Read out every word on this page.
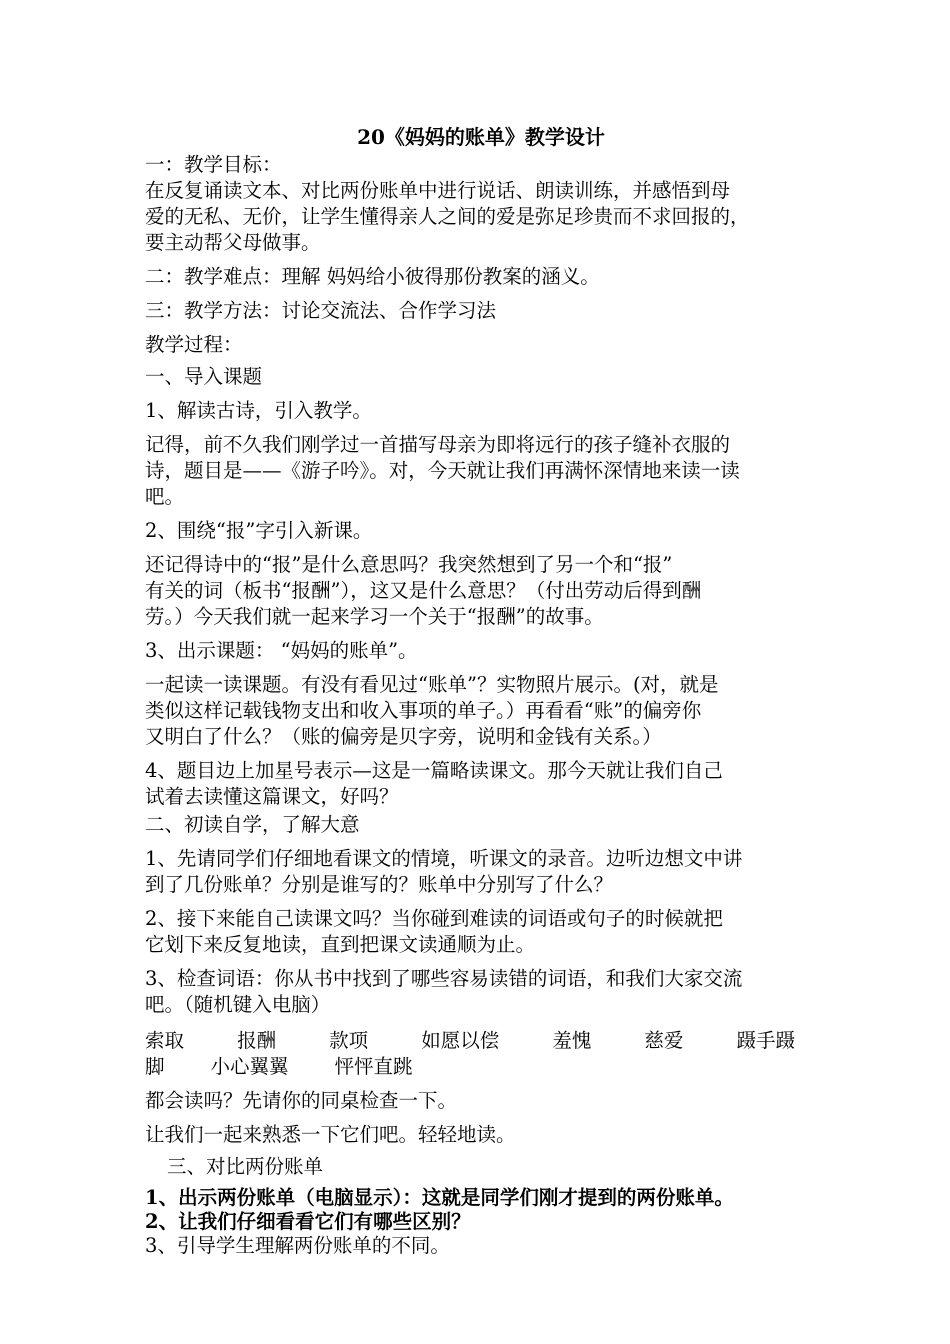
20《妈妈的账单》教学设计
一：教学目标：
在反复诵读文本、对比两份账单中进行说话、朗读训练，并感悟到母
爱的无私、无价，让学生懂得亲人之间的爱是弥足珍贵而不求回报的，
要主动帮父母做事。
二：教学难点：理解 妈妈给小彼得那份教案的涵义。
三：教学方法：讨论交流法、合作学习法
教学过程：
一、导入课题
1、解读古诗，引入教学。
记得，前不久我们刚学过一首描写母亲为即将远行的孩子缝补衣服的
诗，题目是——《游子吟》。对，今天就让我们再满怀深情地来读一读
吧。
2、围绕“报”字引入新课。
还记得诗中的“报”是什么意思吗？我突然想到了另一个和“报”
有关的词（板书“报酬”），这又是什么意思？（付出劳动后得到酬
劳。）今天我们就一起来学习一个关于“报酬”的故事。
3、出示课题： “妈妈的账单”。
一起读一读课题。有没有看见过“账单”？实物照片展示。(对，就是
类似这样记载钱物支出和收入事项的单子。）再看看“账”的偏旁你
又明白了什么？（账的偏旁是贝字旁，说明和金钱有关系。）
4、题目边上加星号表示—这是一篇略读课文。那今天就让我们自己
试着去读懂这篇课文，好吗？
二、初读自学，了解大意
1、先请同学们仔细地看课文的情境，听课文的录音。边听边想文中讲
到了几份账单？分别是谁写的？账单中分别写了什么？
2、接下来能自己读课文吗？当你碰到难读的词语或句子的时候就把
它划下来反复地读，直到把课文读通顺为止。
3、检查词语：你从书中找到了哪些容易读错的词语，和我们大家交流
吧。（随机键入电脑）
索取	报酬	款项	如愿以偿	羞愧	慈爱	蹑手蹑
脚 小心翼翼 怦怦直跳
都会读吗？先请你的同桌检查一下。
让我们一起来熟悉一下它们吧。轻轻地读。
三、对比两份账单
1、出示两份账单（电脑显示）：这就是同学们刚才提到的两份账单。
2、让我们仔细看看它们有哪些区别？
3、引导学生理解两份账单的不同。
